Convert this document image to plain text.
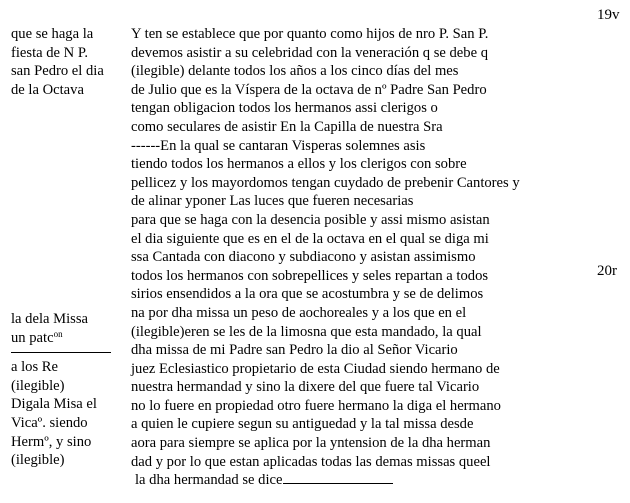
19v
20r
que se haga la
fiesta de N P.
san Pedro el dia
de la Octava
la dela Missa
un patc$^{on}$
a los Re
(ilegible)
Digala Misa el
Vicaº. siendo
Hermº, y sino
(ilegible)
Y ten se establece que por quanto como hijos de nro P. San P.
devemos asistir a su celebridad con la veneración q se debe q
(ilegible) delante todos los años a los cinco días del mes
de Julio que es la Víspera de la octava de nº Padre San Pedro
tengan obligacion todos los hermanos assi clerigos o
como seculares de asistir En la Capilla de nuestra Sra
------En la qual se cantaran Visperas solemnes asis
tiendo todos los hermanos a ellos y los clerigos con sobre
pellicez y los mayordomos tengan cuydado de prebenir Cantores y
de alinar yponer Las luces que fueren necesarias
para que se haga con la desencia posible y assi mismo asistan
el dia siguiente que es en el de la octava en el qual se diga mi
ssa Cantada con diacono y subdiacono y asistan assimismo
todos los hermanos con sobrepellices y seles repartan a todos
sirios ensendidos a la ora que se acostumbra y se de delimos
na por dha missa un peso de aochoreales y a los que en el
(ilegible)eren se les de la limosna que esta mandado, la qual
dha missa de mi Padre san Pedro la dio al Señor Vicario
juez Eclesiastico propietario de esta Ciudad siendo hermano de
nuestra hermandad y sino la dixere del que fuere tal Vicario
no lo fuere en propiedad otro fuere hermano la diga el hermano
a quien le cupiere segun su antiguedad y la tal missa desde
aora para siempre se aplica por la yntension de la dha herman
dad y por lo que estan aplicadas todas las demas missas queel
la dha hermandad se dice
